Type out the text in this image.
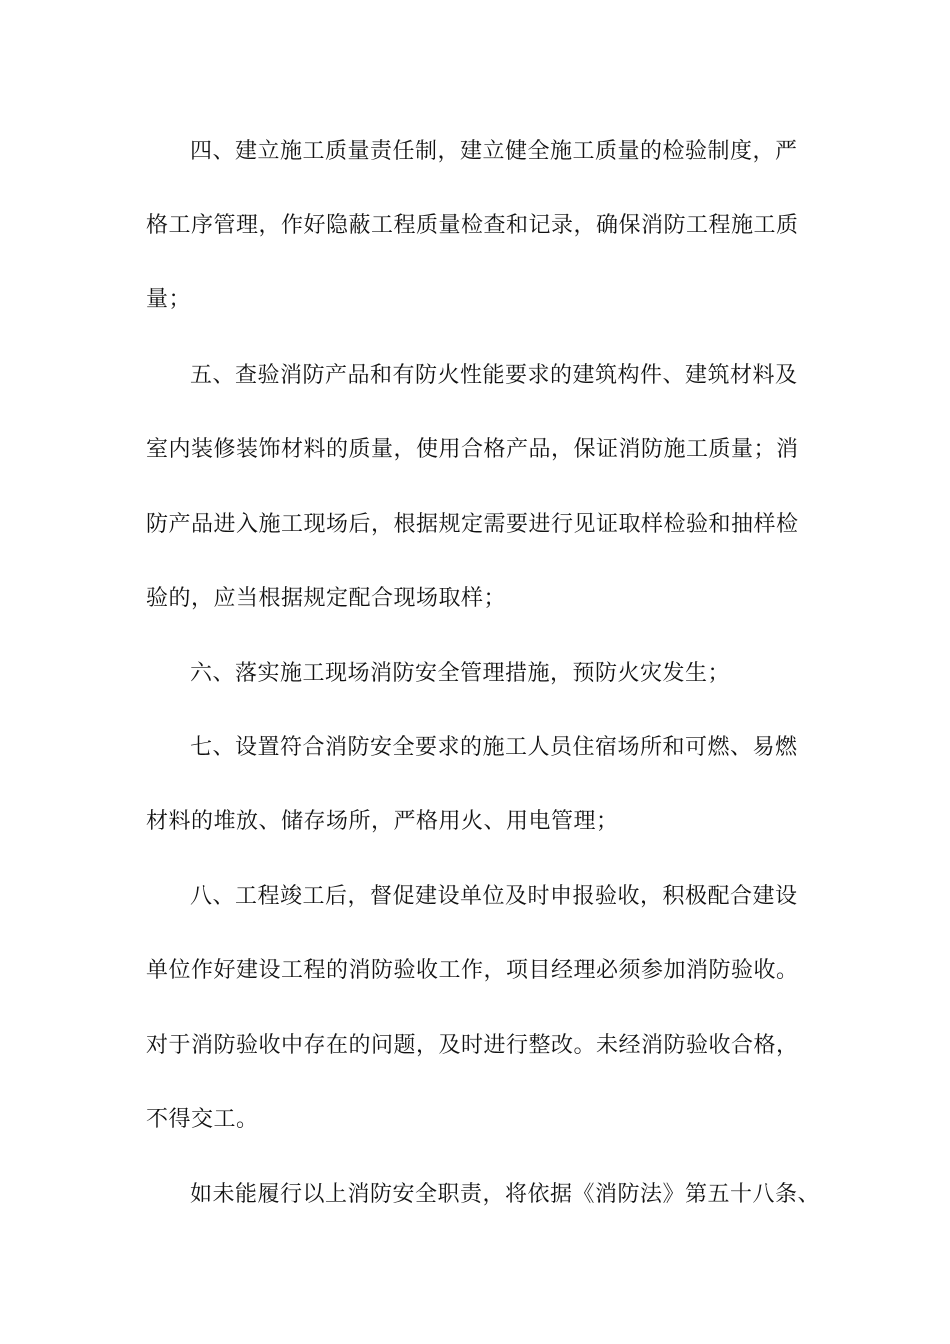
四、建立施工质量责任制，建立健全施工质量的检验制度，严
格工序管理，作好隐蔽工程质量检查和记录，确保消防工程施工质
量；
五、查验消防产品和有防火性能要求的建筑构件、建筑材料及
室内装修装饰材料的质量，使用合格产品，保证消防施工质量；消
防产品进入施工现场后，根据规定需要进行见证取样检验和抽样检
验的，应当根据规定配合现场取样；
六、落实施工现场消防安全管理措施，预防火灾发生；
七、设置符合消防安全要求的施工人员住宿场所和可燃、易燃
材料的堆放、储存场所，严格用火、用电管理；
八、工程竣工后，督促建设单位及时申报验收，积极配合建设
单位作好建设工程的消防验收工作，项目经理必须参加消防验收。
对于消防验收中存在的问题，及时进行整改。未经消防验收合格，
不得交工。
如未能履行以上消防安全职责，将依据《消防法》第五十八条、
